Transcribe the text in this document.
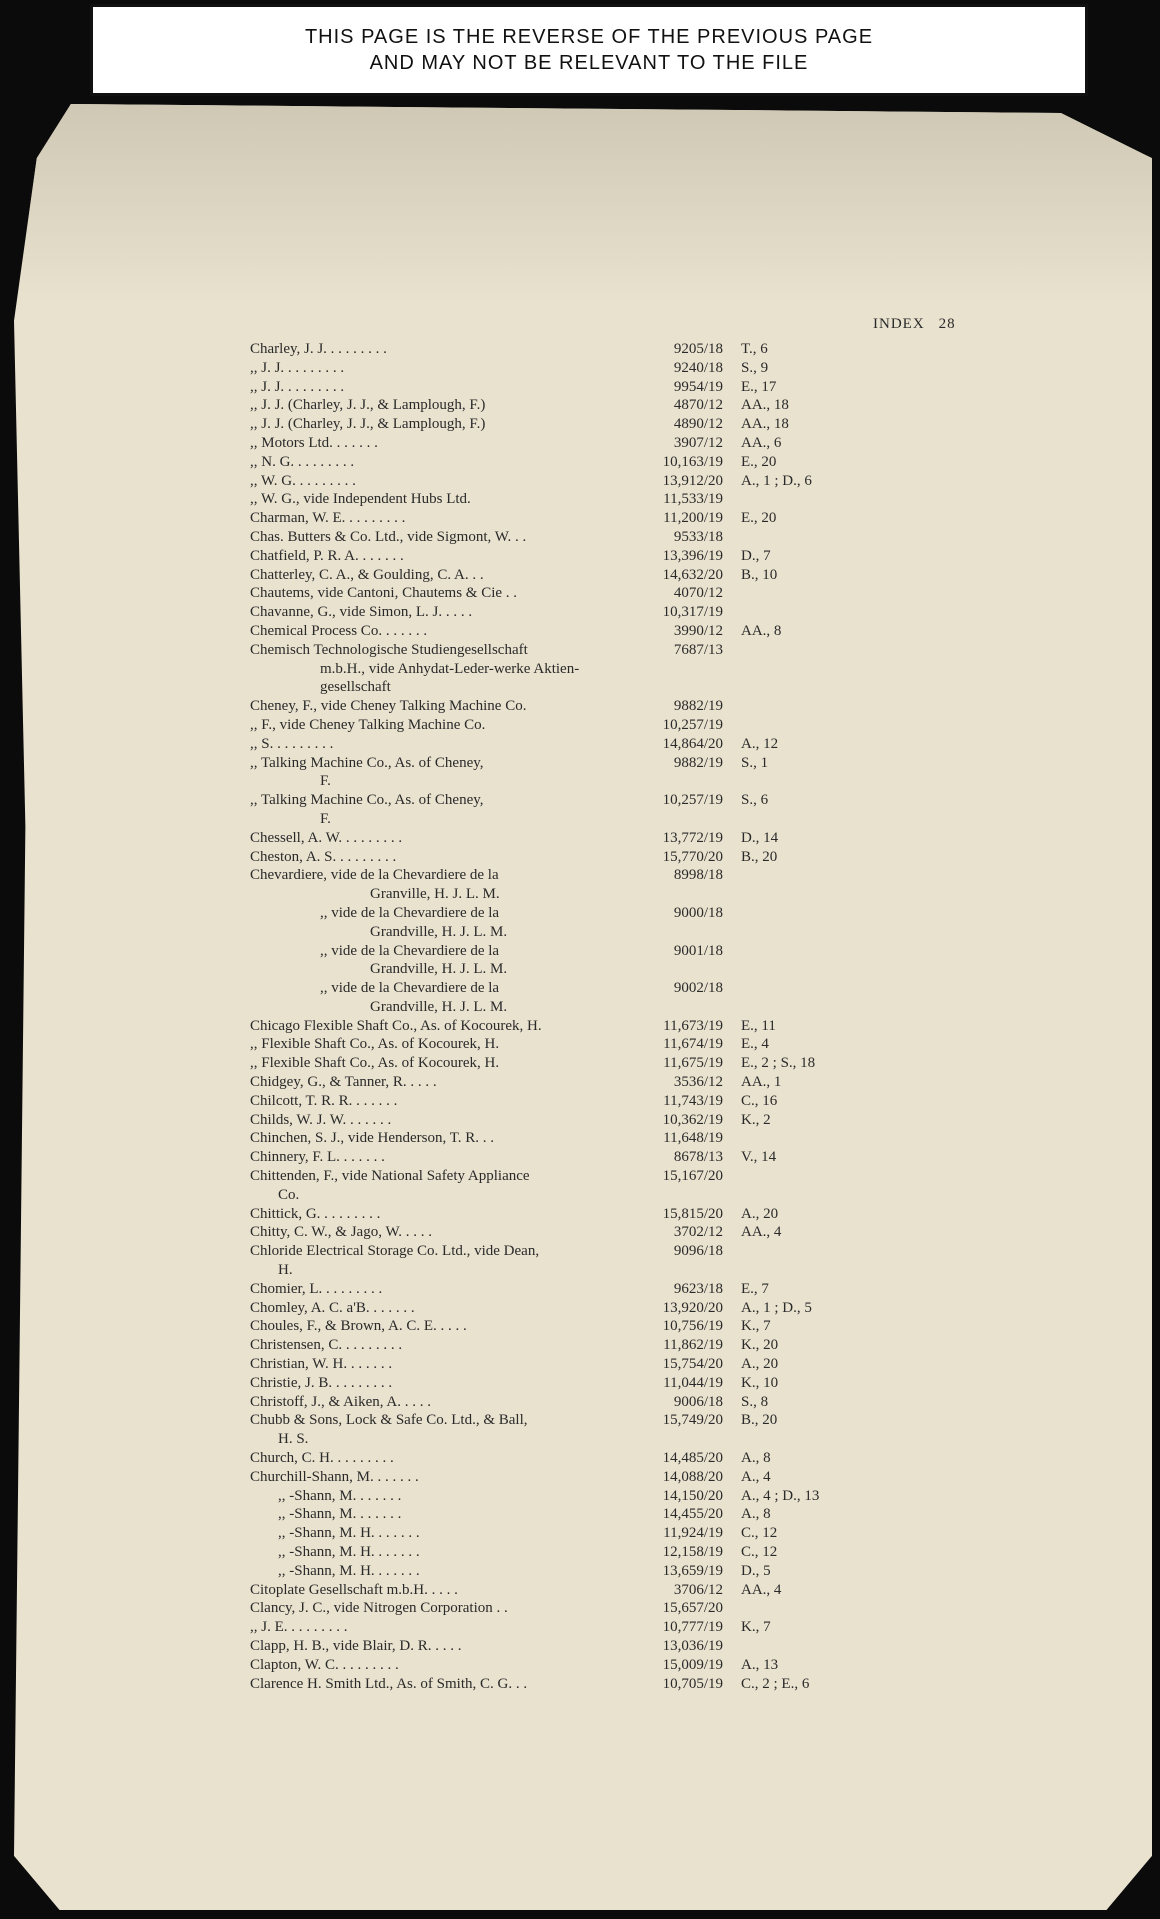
THIS PAGE IS THE REVERSE OF THE PREVIOUS PAGE
AND MAY NOT BE RELEVANT TO THE FILE
INDEX 28
Charley, J. J. . . . . . . . .	9205/18	T., 6
,, J. J. . . . . . . . .	9240/18	S., 9
,, J. J. . . . . . . . .	9954/19	E., 17
,, J. J. (Charley, J. J., & Lamplough, F.)	4870/12	AA., 18
,, J. J. (Charley, J. J., & Lamplough, F.)	4890/12	AA., 18
,, Motors Ltd. . . . . . .	3907/12	AA., 6
,, N. G. . . . . . . . .	10,163/19	E., 20
,, W. G. . . . . . . . .	13,912/20	A., 1 ; D., 6
,, W. G., vide Independent Hubs Ltd.	11,533/19
Charman, W. E. . . . . . . . .	11,200/19	E., 20
Chas. Butters & Co. Ltd., vide Sigmont, W. . .	9533/18
Chatfield, P. R. A. . . . . . .	13,396/19	D., 7
Chatterley, C. A., & Goulding, C. A. . .	14,632/20	B., 10
Chautems, vide Cantoni, Chautems & Cie . .	4070/12
Chavanne, G., vide Simon, L. J. . . . .	10,317/19
Chemical Process Co. . . . . . .	3990/12	AA., 8
Chemisch Technologische Studiengesellschaft	7687/13
m.b.H., vide Anhydat-Leder-werke Aktien-
gesellschaft
Cheney, F., vide Cheney Talking Machine Co.	9882/19
,, F., vide Cheney Talking Machine Co.	10,257/19
,, S. . . . . . . . .	14,864/20	A., 12
,, Talking Machine Co., As. of Cheney,	9882/19	S., 1
F.
,, Talking Machine Co., As. of Cheney,	10,257/19	S., 6
F.
Chessell, A. W. . . . . . . . .	13,772/19	D., 14
Cheston, A. S. . . . . . . . .	15,770/20	B., 20
Chevardiere, vide de la Chevardiere de la	8998/18
Granville, H. J. L. M.
,, vide de la Chevardiere de la	9000/18
Grandville, H. J. L. M.
,, vide de la Chevardiere de la	9001/18
Grandville, H. J. L. M.
,, vide de la Chevardiere de la	9002/18
Grandville, H. J. L. M.
Chicago Flexible Shaft Co., As. of Kocourek, H.	11,673/19	E., 11
,, Flexible Shaft Co., As. of Kocourek, H.	11,674/19	E., 4
,, Flexible Shaft Co., As. of Kocourek, H.	11,675/19	E., 2 ; S., 18
Chidgey, G., & Tanner, R. . . . .	3536/12	AA., 1
Chilcott, T. R. R. . . . . . .	11,743/19	C., 16
Childs, W. J. W. . . . . . .	10,362/19	K., 2
Chinchen, S. J., vide Henderson, T. R. . .	11,648/19
Chinnery, F. L. . . . . . .	8678/13	V., 14
Chittenden, F., vide National Safety Appliance	15,167/20
Co.
Chittick, G. . . . . . . . .	15,815/20	A., 20
Chitty, C. W., & Jago, W. . . . .	3702/12	AA., 4
Chloride Electrical Storage Co. Ltd., vide Dean,	9096/18
H.
Chomier, L. . . . . . . . .	9623/18	E., 7
Chomley, A. C. a'B. . . . . . .	13,920/20	A., 1 ; D., 5
Choules, F., & Brown, A. C. E. . . . .	10,756/19	K., 7
Christensen, C. . . . . . . . .	11,862/19	K., 20
Christian, W. H. . . . . . .	15,754/20	A., 20
Christie, J. B. . . . . . . . .	11,044/19	K., 10
Christoff, J., & Aiken, A. . . . .	9006/18	S., 8
Chubb & Sons, Lock & Safe Co. Ltd., & Ball,	15,749/20	B., 20
H. S.
Church, C. H. . . . . . . . .	14,485/20	A., 8
Churchill-Shann, M. . . . . . .	14,088/20	A., 4
,, -Shann, M. . . . . . .	14,150/20	A., 4 ; D., 13
,, -Shann, M. . . . . . .	14,455/20	A., 8
,, -Shann, M. H. . . . . . .	11,924/19	C., 12
,, -Shann, M. H. . . . . . .	12,158/19	C., 12
,, -Shann, M. H. . . . . . .	13,659/19	D., 5
Citoplate Gesellschaft m.b.H. . . . .	3706/12	AA., 4
Clancy, J. C., vide Nitrogen Corporation . .	15,657/20
,, J. E. . . . . . . . .	10,777/19	K., 7
Clapp, H. B., vide Blair, D. R. . . . .	13,036/19
Clapton, W. C. . . . . . . . .	15,009/19	A., 13
Clarence H. Smith Ltd., As. of Smith, C. G. . .	10,705/19	C., 2 ; E., 6
